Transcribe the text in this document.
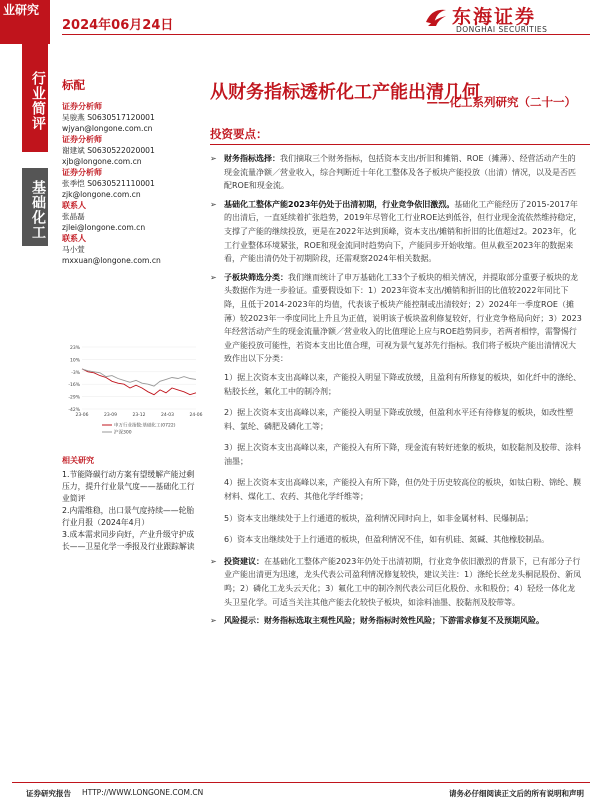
业研究
2024年06月24日	东海证券
DONGHAI SECURITIES
行业简评
基础化工
标配
证券分析师
吴骏燕 S0630517120001
wjyan@longone.com.cn
证券分析师
谢建斌 S0630522020001
xjb@longone.com.cn
证券分析师
张季恺 S0630521110001
zjk@longone.com.cn
联系人
张晶磊
zjlei@longone.com.cn
联系人
马小萱
mxxuan@longone.com.cn
23%
10%
-3%
-16%
-29%
-42%
23-06	23-09	23-12	24-03	24-06
申万行业指数:基础化工(0722)
沪深300
相关研究
1.节能降碳行动方案有望缓解产能过剩压力，提升行业景气度——基础化工行业简评
2.内需维稳，出口景气度持续——轮胎行业月报（2024年4月）
3.成本需求同步向好，产业升级守护成长——卫星化学一季报及行业跟踪解读
从财务指标透析化工产能出清几何
——化工系列研究（二十一）
投资要点：
➢ 财务指标选择：我们摘取三个财务指标，包括资本支出/折旧和摊销、ROE（摊薄）、经营活动产生的现金流量净额／营业收入，综合判断近十年化工整体及各子板块产能投放（出清）情况，以及是否匹配ROE和现金流。
➢ 基础化工整体产能2023年仍处于出清初期，行业竞争依旧激烈。基础化工产能经历了2015-2017年的出清后，一直延续着扩张趋势，2019年尽管化工行业ROE达到低谷，但行业现金流依然维持稳定，支撑了产能的继续投放，更是在2022年达到顶峰，资本支出/摊销和折旧的比值超过2。2023年，化工行业整体环境紧张，ROE和现金流同时趋势向下，产能同步开始收缩。但从截至2023年的数据来看，产能出清仍处于初期阶段，还需观察2024年相关数据。
➢ 子板块筛选分类：我们继而统计了申万基础化工33个子板块的相关情况，并提取部分重要子板块的龙头数据作为进一步验证。重要假设如下：1）2023年资本支出/摊销和折旧的比值较2022年同比下降，且低于2014-2023年的均值，代表该子板块产能控制或出清较好；2）2024年一季度ROE（摊薄）较2023年一季度同比上升且为正值，说明该子板块盈利修复较好，行业竞争格局向好；3）2023年经营活动产生的现金流量净额／营业收入的比值理论上应与ROE趋势同步，若两者相悖，需警惕行业产能投放可能性，若资本支出比值合理，可视为景气复苏先行指标。我们将子板块产能出清情况大致作出以下分类：
1）据上次资本支出高峰以来，产能投入明显下降或放缓，且盈利有所修复的板块，如化纤中的涤纶、粘胶长丝，氟化工中的制冷剂；
2）据上次资本支出高峰以来，产能投入明显下降或放缓，但盈利水平还有待修复的板块，如改性塑料、氯纶、磷肥及磷化工等；
3）据上次资本支出高峰以来，产能投入有所下降，现金流有转好迹象的板块，如胶黏剂及胶带、涂料油墨；
4）据上次资本支出高峰以来，产能投入有所下降，但仍处于历史较高位的板块，如钛白粉、锦纶、膜材料、煤化工、农药、其他化学纤维等；
5）资本支出继续处于上行通道的板块，盈利情况同时向上，如非金属材料、民爆制品；
6）资本支出继续处于上行通道的板块，但盈利情况不佳，如有机硅、氮碱、其他橡胶制品。
➢ 投资建议：在基础化工整体产能2023年仍处于出清初期，行业竞争依旧激烈的背景下，已有部分子行业产能出清更为迅速，龙头代表公司盈利情况修复较快，建议关注：1）涤纶长丝龙头桐昆股份、新凤鸣；2）磷化工龙头云天化；3）氟化工中的制冷剂代表公司巨化股份、永和股份；4）轻烃一体化龙头卫星化学。可适当关注其他产能去化较快子板块，如涂料油墨、胶黏剂及胶带等。
➢ 风险提示：财务指标选取主观性风险；财务指标时效性风险；下游需求修复不及预期风险。
证券研究报告 HTTP://WWW.LONGONE.COM.CN	请务必仔细阅读正文后的所有说明和声明
